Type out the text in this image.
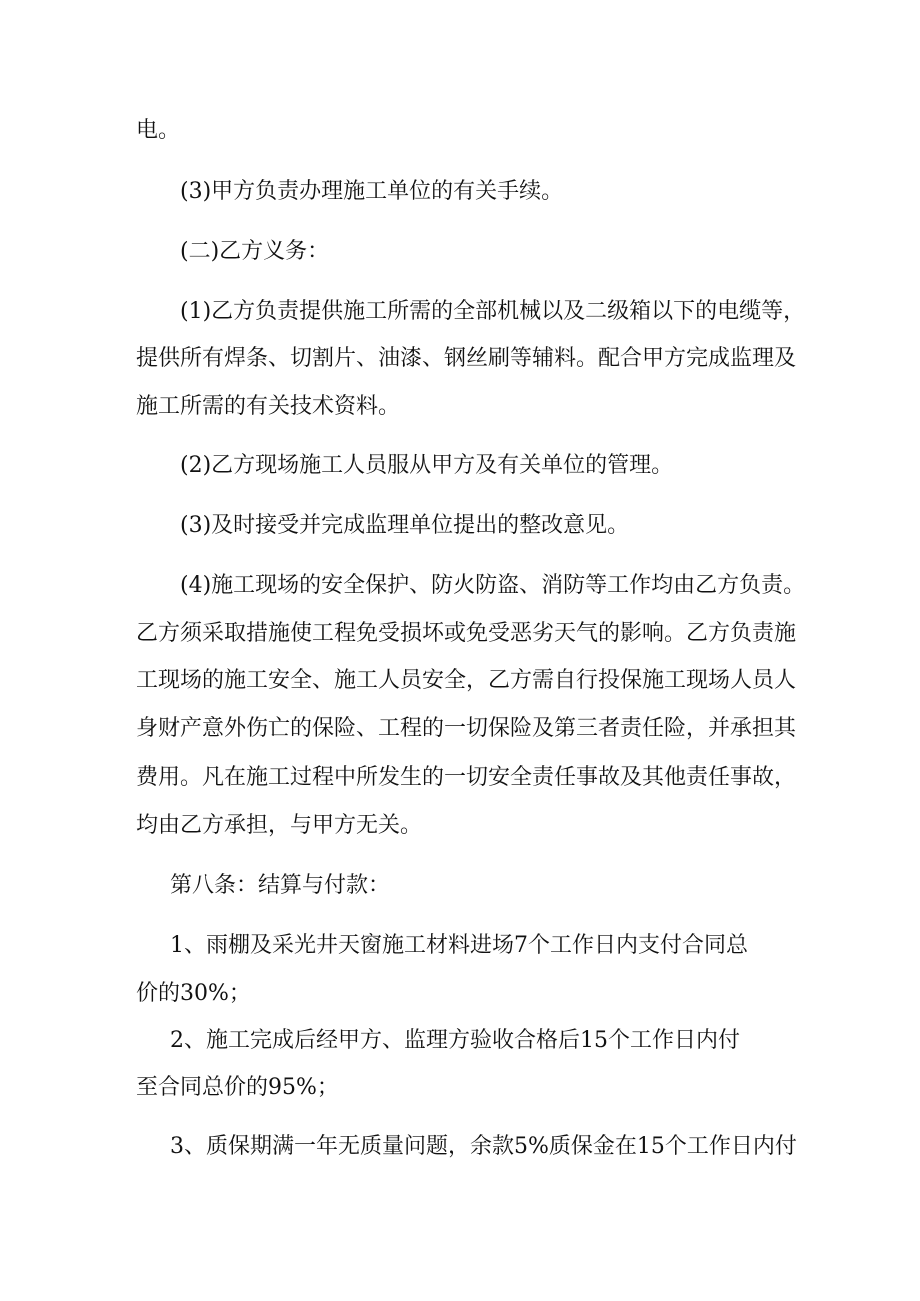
电。

(3)甲方负责办理施工单位的有关手续。

(二)乙方义务：

(1)乙方负责提供施工所需的全部机械以及二级箱以下的电缆等，

提供所有焊条、切割片、油漆、钢丝刷等辅料。配合甲方完成监理及

施工所需的有关技术资料。

(2)乙方现场施工人员服从甲方及有关单位的管理。

(3)及时接受并完成监理单位提出的整改意见。

(4)施工现场的安全保护、防火防盗、消防等工作均由乙方负责。

乙方须采取措施使工程免受损坏或免受恶劣天气的影响。乙方负责施

工现场的施工安全、施工人员安全，乙方需自行投保施工现场人员人

身财产意外伤亡的保险、工程的一切保险及第三者责任险，并承担其

费用。凡在施工过程中所发生的一切安全责任事故及其他责任事故，

均由乙方承担，与甲方无关。

第八条：结算与付款：

1、雨棚及采光井天窗施工材料进场7个工作日内支付合同总

价的30%；

2、施工完成后经甲方、监理方验收合格后15个工作日内付

至合同总价的95%；

3、质保期满一年无质量问题，余款5%质保金在15个工作日内付
